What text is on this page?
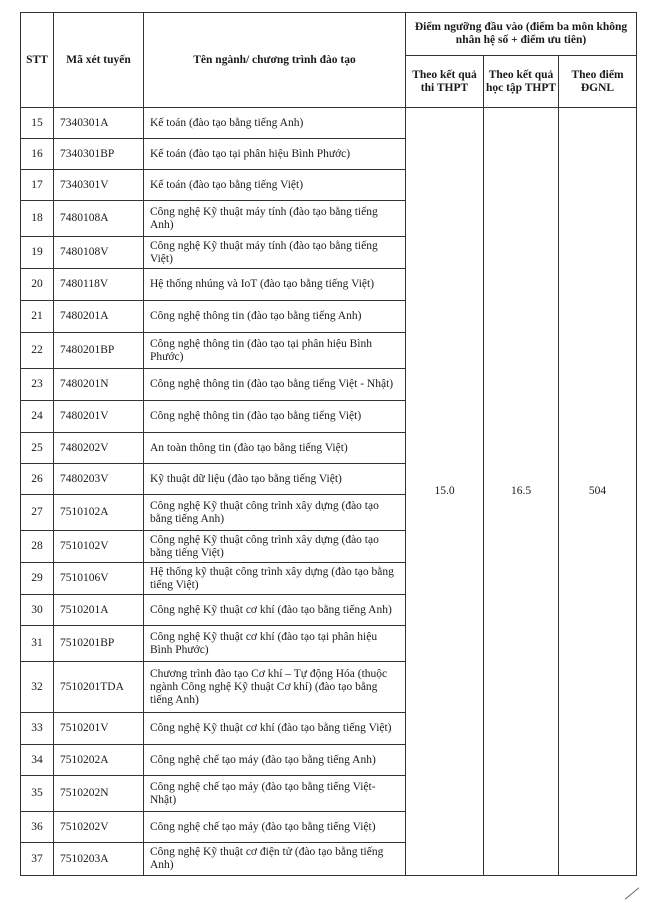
STT	Mã xét tuyển	Tên ngành/ chương trình đào tạo	Điểm ngưỡng đầu vào (điểm ba môn không nhân hệ số + điểm ưu tiên)		
			Theo kết quả thi THPT	Theo kết quả học tập THPT	Theo điểm ĐGNL
15	7340301A	Kế toán (đào tạo bằng tiếng Anh)	15.0	16.5	504
16	7340301BP	Kế toán (đào tạo tại phân hiệu Bình Phước)			
17	7340301V	Kế toán (đào tạo bằng tiếng Việt)			
18	7480108A	Công nghệ Kỹ thuật máy tính (đào tạo bằng tiếng Anh)			
19	7480108V	Công nghệ Kỹ thuật máy tính (đào tạo bằng tiếng Việt)			
20	7480118V	Hệ thống nhúng và IoT (đào tạo bằng tiếng Việt)			
21	7480201A	Công nghệ thông tin (đào tạo bằng tiếng Anh)			
22	7480201BP	Công nghệ thông tin (đào tạo tại phân hiệu Bình Phước)			
23	7480201N	Công nghệ thông tin (đào tạo bằng tiếng Việt - Nhật)			
24	7480201V	Công nghệ thông tin (đào tạo bằng tiếng Việt)			
25	7480202V	An toàn thông tin (đào tạo bằng tiếng Việt)			
26	7480203V	Kỹ thuật dữ liệu (đào tạo bằng tiếng Việt)			
27	7510102A	Công nghệ Kỹ thuật công trình xây dựng (đào tạo bằng tiếng Anh)			
28	7510102V	Công nghệ Kỹ thuật công trình xây dựng (đào tạo bằng tiếng Việt)			
29	7510106V	Hệ thống kỹ thuật công trình xây dựng (đào tạo bằng tiếng Việt)			
30	7510201A	Công nghệ Kỹ thuật cơ khí (đào tạo bằng tiếng Anh)			
31	7510201BP	Công nghệ Kỹ thuật cơ khí (đào tạo tại phân hiệu Bình Phước)			
32	7510201TDA	Chương trình đào tạo Cơ khí – Tự động Hóa (thuộc ngành Công nghệ Kỹ thuật Cơ khí) (đào tạo bằng tiếng Anh)			
33	7510201V	Công nghệ Kỹ thuật cơ khí (đào tạo bằng tiếng Việt)			
34	7510202A	Công nghệ chế tạo máy (đào tạo bằng tiếng Anh)			
35	7510202N	Công nghệ chế tạo máy (đào tạo bằng tiếng Việt-Nhật)			
36	7510202V	Công nghệ chế tạo máy (đào tạo bằng tiếng Việt)			
37	7510203A	Công nghệ Kỹ thuật cơ điện tử (đào tạo bằng tiếng Anh)			
